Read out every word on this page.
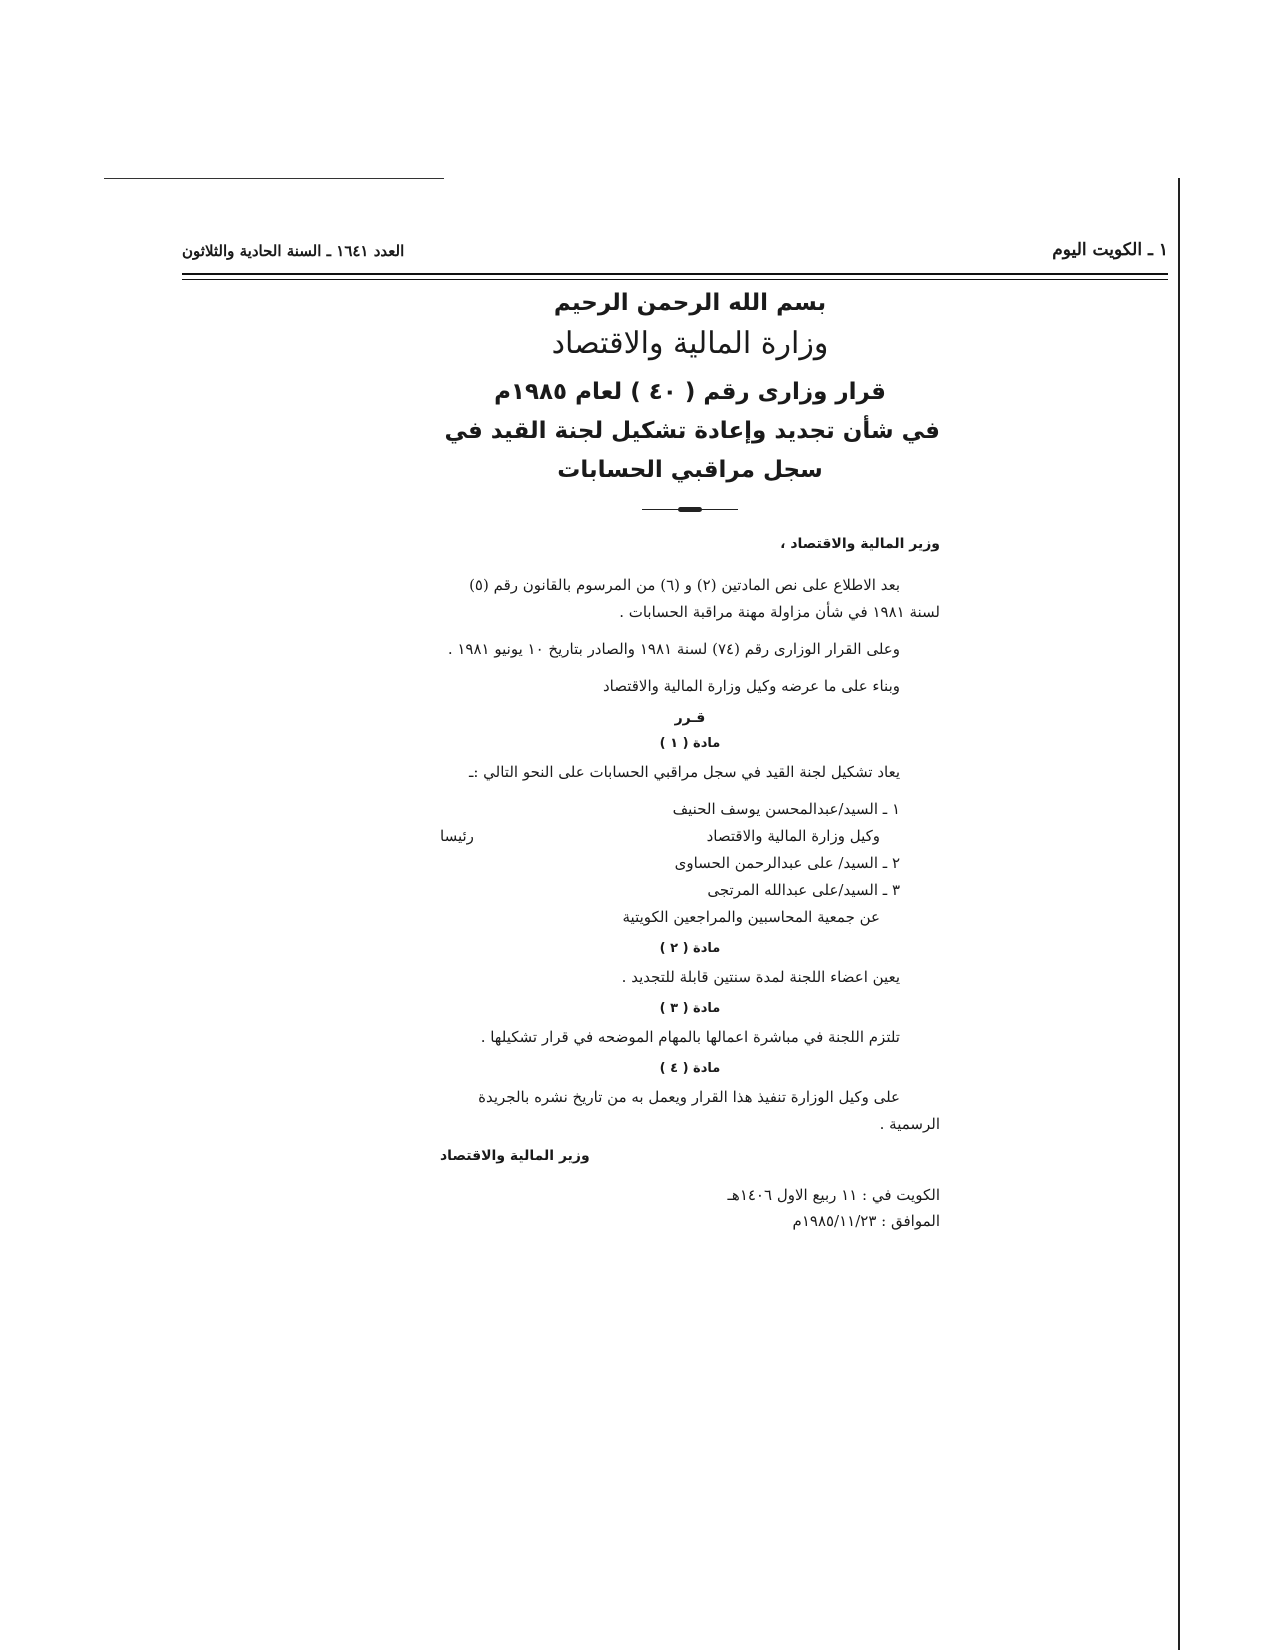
١ ـ الكويت اليوم
العدد ١٦٤١ ـ السنة الحادية والثلاثون
بسم الله الرحمن الرحيم
وزارة المالية والاقتصاد

قرار وزارى رقم ( ٤٠ ) لعام ١٩٨٥م

في شأن تجديد وإعادة تشكيل لجنة القيد في

سجل مراقبي الحسابات

وزير المالية والاقتصاد ،

بعد الاطلاع على نص المادتين (٢) و (٦) من المرسوم بالقانون رقم (٥) لسنة ١٩٨١ في شأن مزاولة مهنة مراقبة الحسابات .

وعلى القرار الوزارى رقم (٧٤) لسنة ١٩٨١ والصادر بتاريخ ١٠ يونيو ١٩٨١ .

وبناء على ما عرضه وكيل وزارة المالية والاقتصاد

قـرر
مادة ( ١ )

يعاد تشكيل لجنة القيد في سجل مراقبي الحسابات على النحو التالي :ـ

١ ـ السيد/عبدالمحسن يوسف الحنيف
وكيل وزارة المالية والاقتصاد
رئيسا
٢ ـ السيد/ على عبدالرحمن الحساوى
٣ ـ السيد/على عبدالله المرتجى
عن جمعية المحاسبين والمراجعين الكويتية
مادة ( ٢ )

يعين اعضاء اللجنة لمدة سنتين قابلة للتجديد .

مادة ( ٣ )

تلتزم اللجنة في مباشرة اعمالها بالمهام الموضحه في قرار تشكيلها .

مادة ( ٤ )

على وكيل الوزارة تنفيذ هذا القرار ويعمل به من تاريخ نشره بالجريدة الرسمية .

وزير المالية والاقتصاد

الكويت في : ١١ ربيع الاول ١٤٠٦هـ

الموافق : ١٩٨٥/١١/٢٣م
